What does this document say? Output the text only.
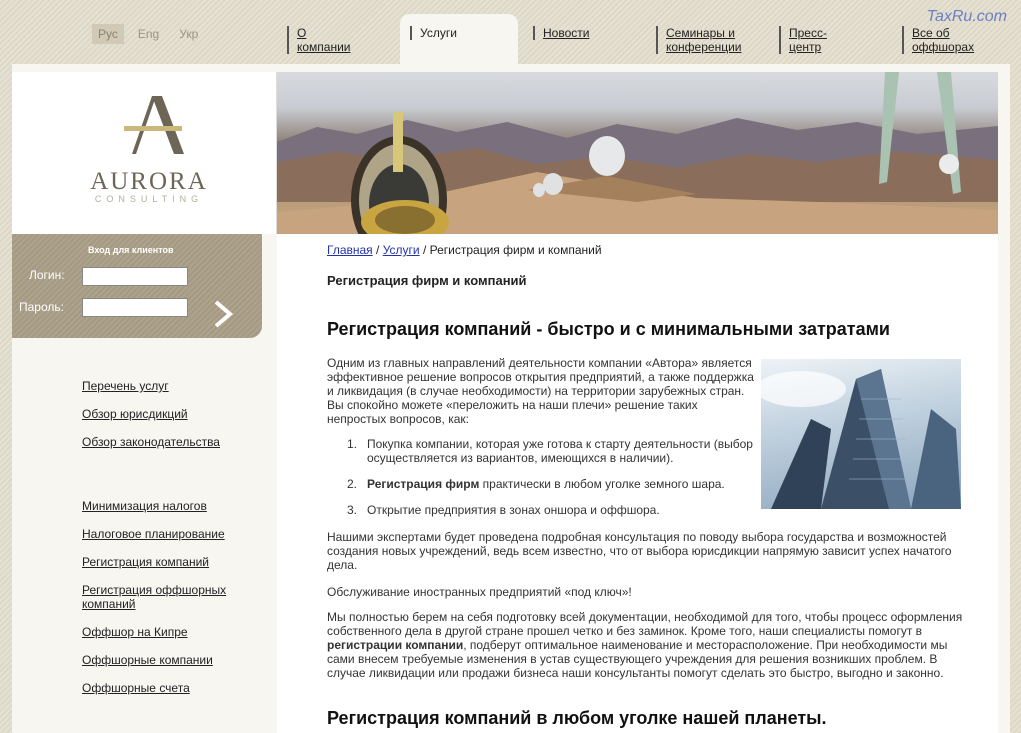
Рус	Eng	Укр	О компании
Услуги	Новости	Семинары и конференции
Пресс-центр
Все об оффшорах
TaxRu.com
AURORA
CONSULTING
Вход для клиентов
Логин:
Пароль:
Перечень услуг
Обзор юрисдикций
Обзор законодательства
Минимизация налогов
Налоговое планирование
Регистрация компаний
Регистрация оффшорных компаний
Оффшор на Кипре
Оффшорные компании
Оффшорные счета
Главная / Услуги / Регистрация фирм и компаний
Регистрация фирм и компаний
Регистрация компаний - быстро и с минимальными затратами
Одним из главных направлений деятельности компании «Автора» является эффективное решение вопросов открытия предприятий, а также поддержка и ликвидация (в случае необходимости) на территории зарубежных стран. Вы спокойно можете «переложить на наши плечи» решение таких непростых вопросов, как:
1. Покупка компании, которая уже готова к старту деятельности (выбор осуществляется из вариантов, имеющихся в наличии).
2. Регистрация фирм практически в любом уголке земного шара.
3. Открытие предприятия в зонах оншора и оффшора.
Нашими экспертами будет проведена подробная консультация по поводу выбора государства и возможностей создания новых учреждений, ведь всем известно, что от выбора юрисдикции напрямую зависит успех начатого дела.
Обслуживание иностранных предприятий «под ключ»!
Мы полностью берем на себя подготовку всей документации, необходимой для того, чтобы процесс оформления собственного дела в другой стране прошел четко и без заминок. Кроме того, наши специалисты помогут в регистрации компании, подберут оптимальное наименование и месторасположение. При необходимости мы сами внесем требуемые изменения в устав существующего учреждения для решения возникших проблем. В случае ликвидации или продажи бизнеса наши консультанты помогут сделать это быстро, выгодно и законно.
Регистрация компаний в любом уголке нашей планеты.
